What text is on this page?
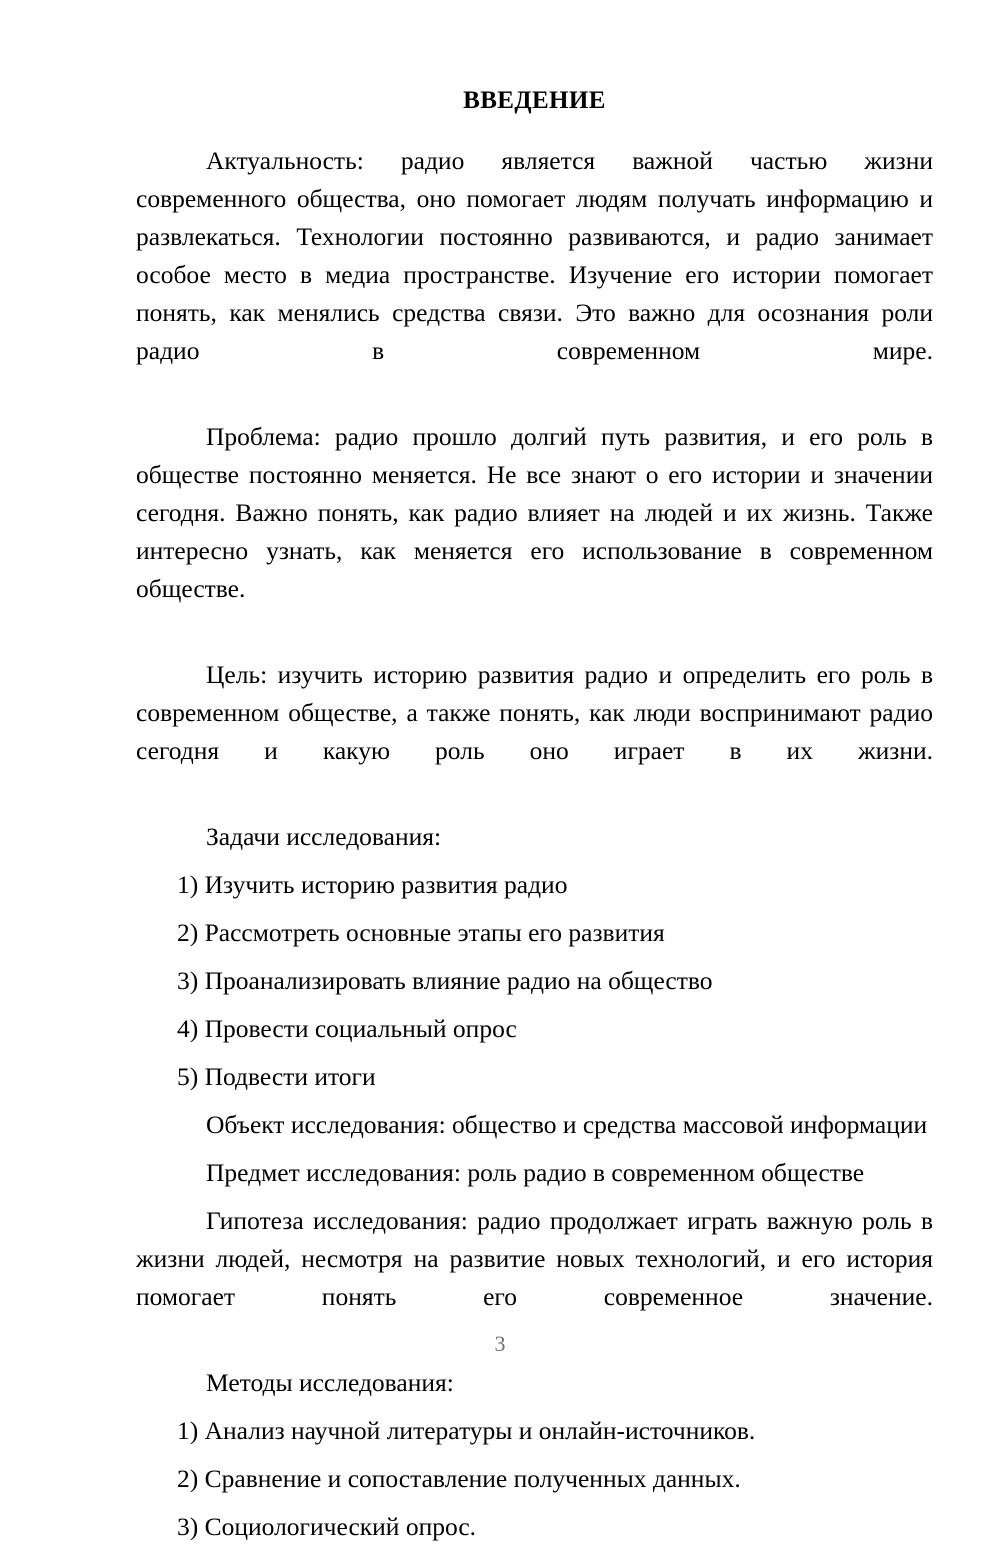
ВВЕДЕНИЕ

Актуальность: радио является важной частью жизни современного общества, оно помогает людям получать информацию и развлекаться. Технологии постоянно развиваются, и радио занимает особое место в медиа пространстве. Изучение его истории помогает понять, как менялись средства связи. Это важно для осознания роли радио в современном мире.

Проблема: радио прошло долгий путь развития, и его роль в обществе постоянно меняется. Не все знают о его истории и значении сегодня. Важно понять, как радио влияет на людей и их жизнь. Также интересно узнать, как меняется его использование в современном обществе.

Цель: изучить историю развития радио и определить его роль в современном обществе, а также понять, как люди воспринимают радио сегодня и какую роль оно играет в их жизни.

Задачи исследования:

1) Изучить историю развития радио
2) Рассмотреть основные этапы его развития
3) Проанализировать влияние радио на общество
4) Провести социальный опрос
5) Подвести итоги

Объект исследования: общество и средства массовой информации

Предмет исследования: роль радио в современном обществе

Гипотеза исследования: радио продолжает играть важную роль в жизни людей, несмотря на развитие новых технологий, и его история помогает понять его современное значение.

Методы исследования:

1) Анализ научной литературы и онлайн-источников.
2) Сравнение и сопоставление полученных данных.
3) Социологический опрос.
3
